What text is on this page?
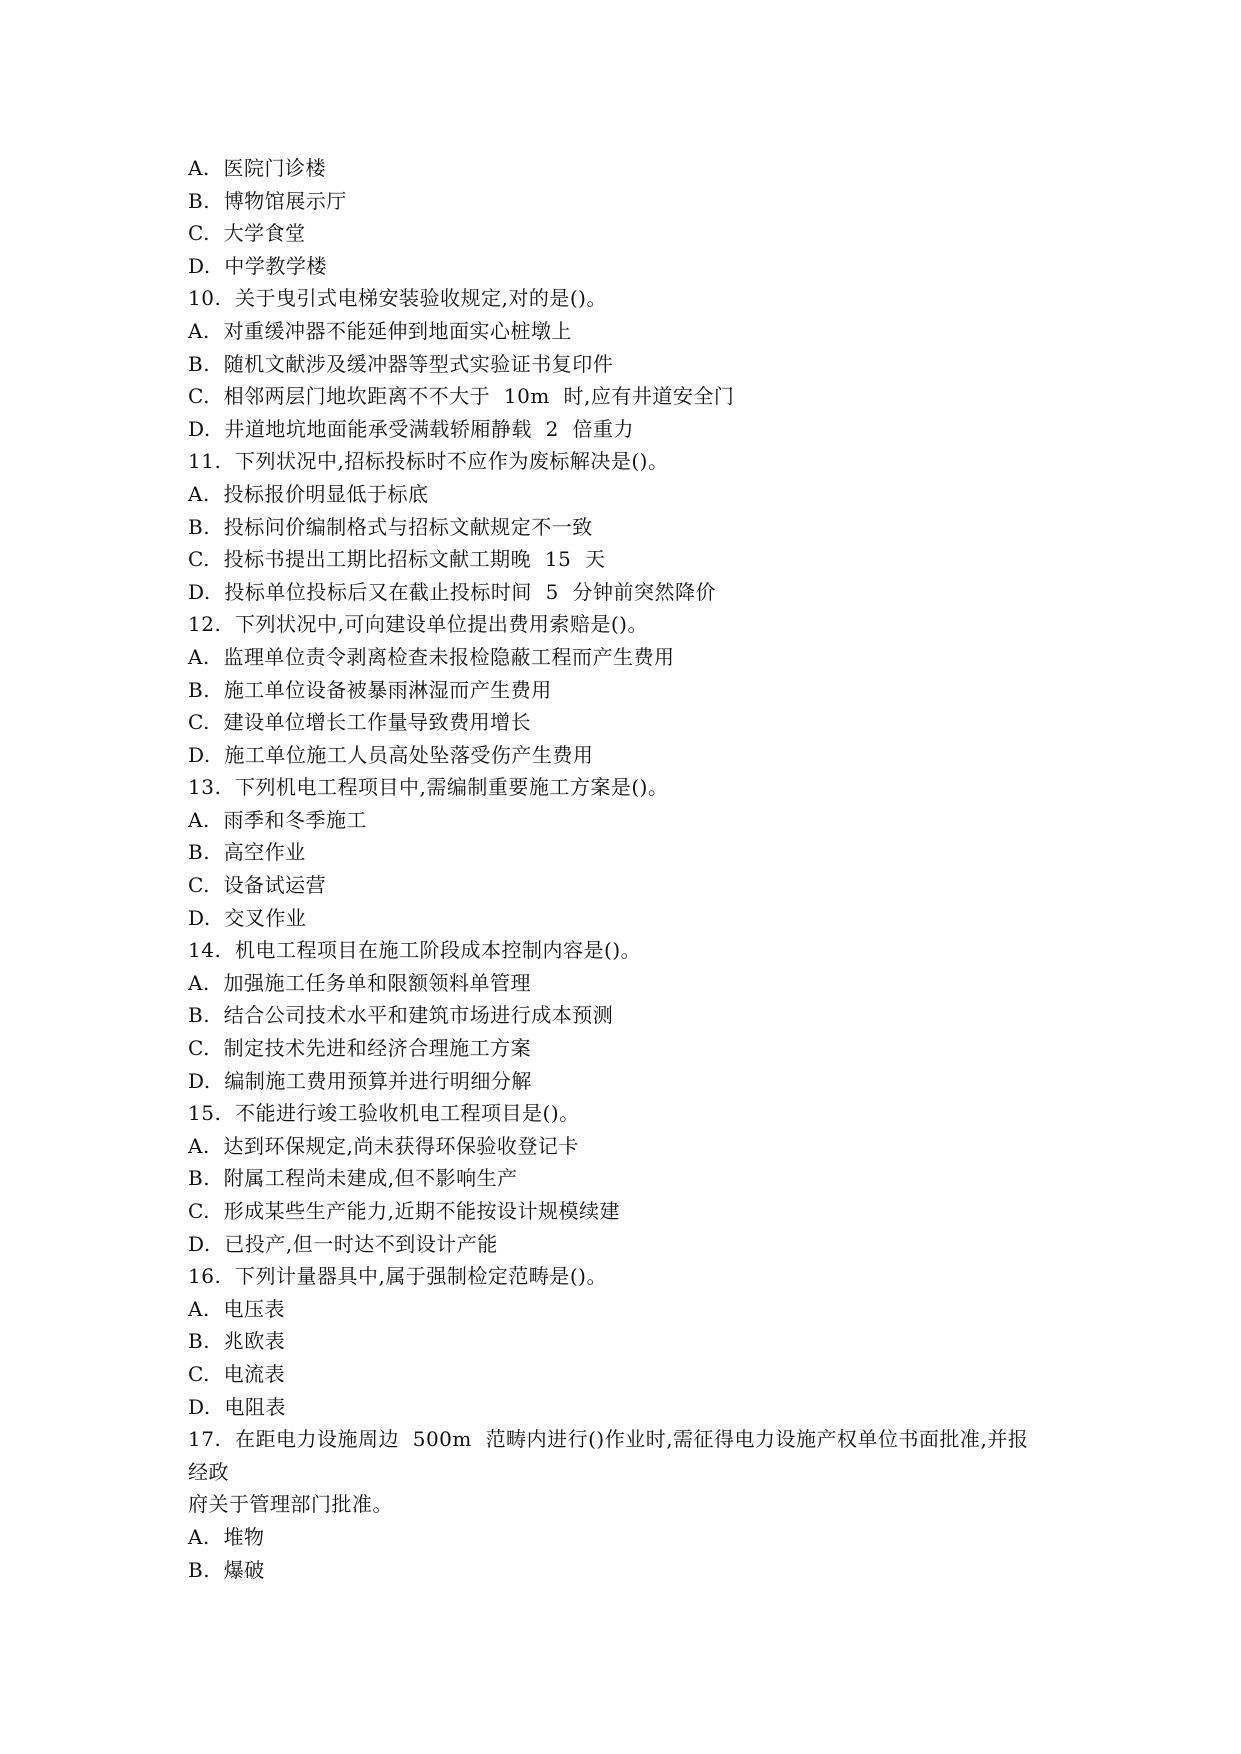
A.  医院门诊楼
B.  博物馆展示厅
C.  大学食堂
D.  中学教学楼
10.  关于曳引式电梯安装验收规定,对的是()。
A.  对重缓冲器不能延伸到地面实心桩墩上
B.  随机文献涉及缓冲器等型式实验证书复印件
C.  相邻两层门地坎距离不不大于  10m  时,应有井道安全门
D.  井道地坑地面能承受满载轿厢静载  2  倍重力
11.  下列状况中,招标投标时不应作为废标解决是()。
A.  投标报价明显低于标底
B.  投标问价编制格式与招标文献规定不一致
C.  投标书提出工期比招标文献工期晚  15  天
D.  投标单位投标后又在截止投标时间  5  分钟前突然降价
12.  下列状况中,可向建设单位提出费用索赔是()。
A.  监理单位责令剥离检查未报检隐蔽工程而产生费用
B.  施工单位设备被暴雨淋湿而产生费用
C.  建设单位增长工作量导致费用增长
D.  施工单位施工人员高处坠落受伤产生费用
13.  下列机电工程项目中,需编制重要施工方案是()。
A.  雨季和冬季施工
B.  高空作业
C.  设备试运营
D.  交叉作业
14.  机电工程项目在施工阶段成本控制内容是()。
A.  加强施工任务单和限额领料单管理
B.  结合公司技术水平和建筑市场进行成本预测
C.  制定技术先进和经济合理施工方案
D.  编制施工费用预算并进行明细分解
15.  不能进行竣工验收机电工程项目是()。
A.  达到环保规定,尚未获得环保验收登记卡
B.  附属工程尚未建成,但不影响生产
C.  形成某些生产能力,近期不能按设计规模续建
D.  已投产,但一时达不到设计产能
16.  下列计量器具中,属于强制检定范畴是()。
A.  电压表
B.  兆欧表
C.  电流表
D.  电阻表
17.  在距电力设施周边  500m  范畴内进行()作业时,需征得电力设施产权单位书面批准,并报
经政
府关于管理部门批准。
A.  堆物
B.  爆破
